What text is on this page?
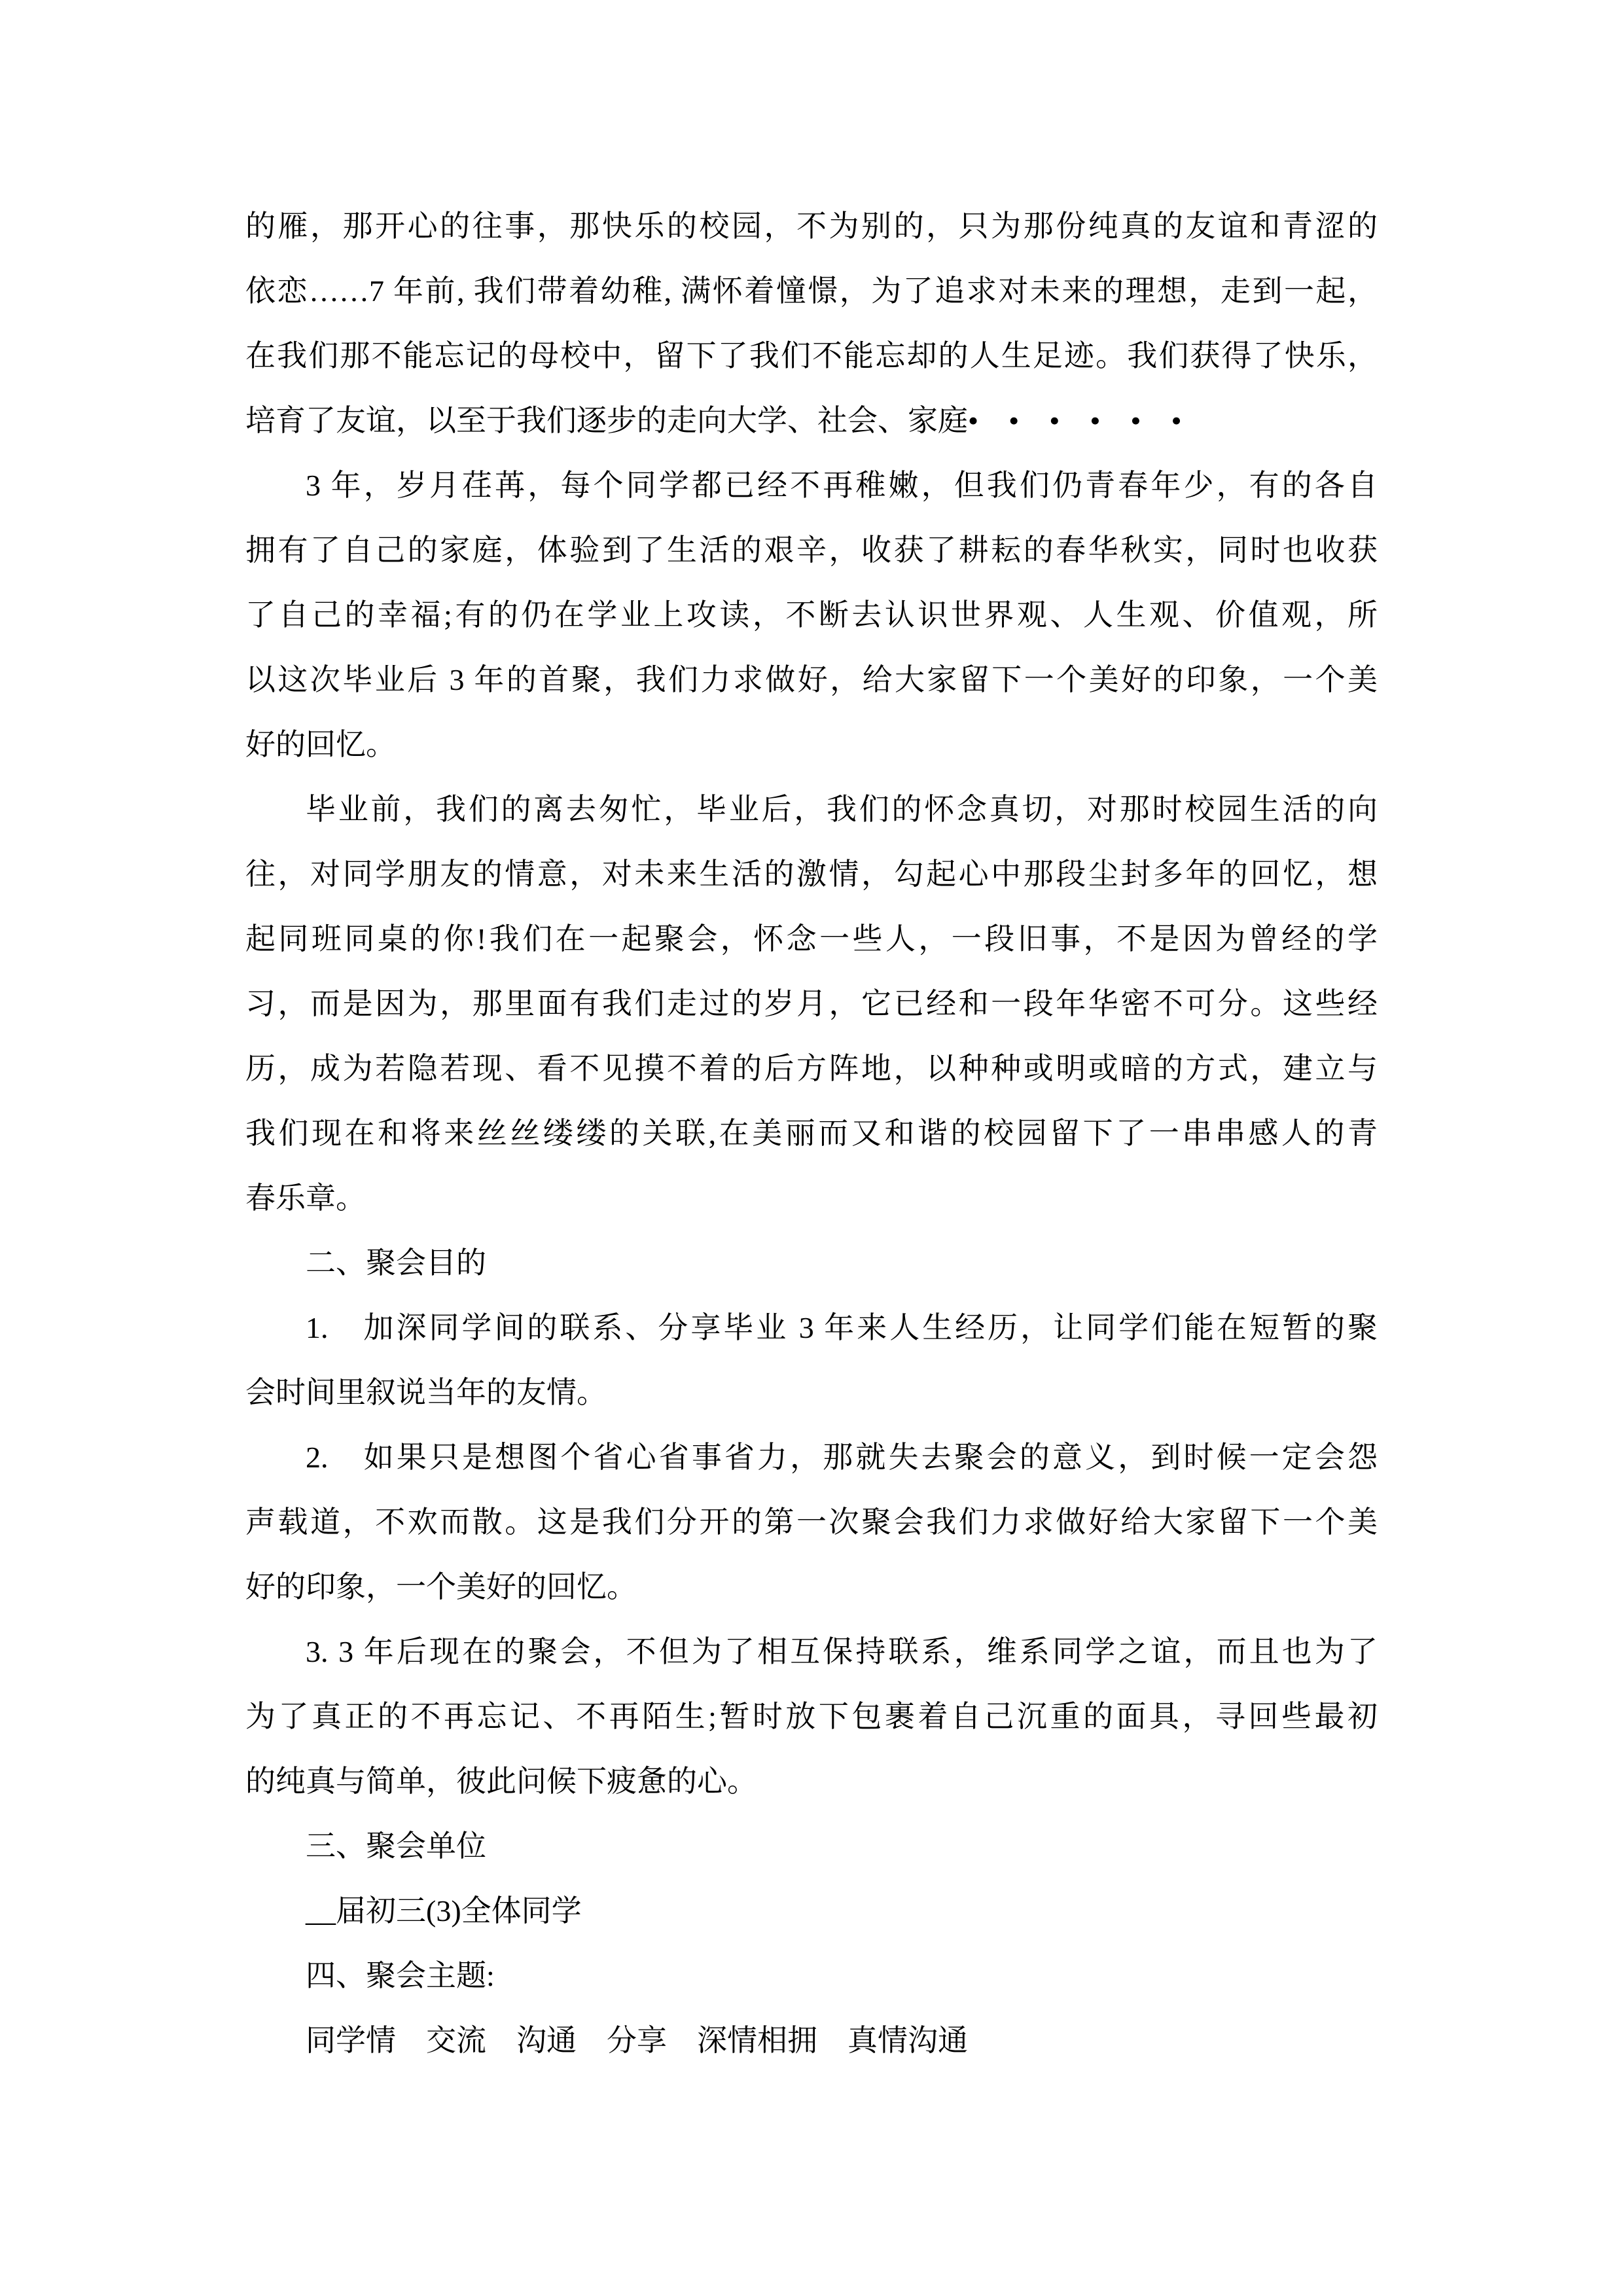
的雁，那开心的往事，那快乐的校园，不为别的，只为那份纯真的友谊和青涩的
依恋……7 年前, 我们带着幼稚, 满怀着憧憬，为了追求对未来的理想，走到一起，
在我们那不能忘记的母校中，留下了我们不能忘却的人生足迹。我们获得了快乐，
培育了友谊，以至于我们逐步的走向大学、社会、家庭• • • • • •
3 年，岁月荏苒，每个同学都已经不再稚嫩，但我们仍青春年少，有的各自
拥有了自己的家庭，体验到了生活的艰辛，收获了耕耘的春华秋实，同时也收获
了自己的幸福;有的仍在学业上攻读，不断去认识世界观、人生观、价值观，所
以这次毕业后 3 年的首聚，我们力求做好，给大家留下一个美好的印象，一个美
好的回忆。
毕业前，我们的离去匆忙，毕业后，我们的怀念真切，对那时校园生活的向
往，对同学朋友的情意，对未来生活的激情，勾起心中那段尘封多年的回忆，想
起同班同桌的你!我们在一起聚会，怀念一些人，一段旧事，不是因为曾经的学
习，而是因为，那里面有我们走过的岁月，它已经和一段年华密不可分。这些经
历，成为若隐若现、看不见摸不着的后方阵地，以种种或明或暗的方式，建立与
我们现在和将来丝丝缕缕的关联,在美丽而又和谐的校园留下了一串串感人的青
春乐章。
二、聚会目的
1.　加深同学间的联系、分享毕业 3 年来人生经历，让同学们能在短暂的聚
会时间里叙说当年的友情。
2.　如果只是想图个省心省事省力，那就失去聚会的意义，到时候一定会怨
声载道，不欢而散。这是我们分开的第一次聚会我们力求做好给大家留下一个美
好的印象，一个美好的回忆。
3. 3 年后现在的聚会，不但为了相互保持联系，维系同学之谊，而且也为了
为了真正的不再忘记、不再陌生;暂时放下包裹着自己沉重的面具，寻回些最初
的纯真与简单，彼此问候下疲惫的心。
三、聚会单位
__届初三(3)全体同学
四、聚会主题:
同学情　交流　沟通　分享　深情相拥　真情沟通
